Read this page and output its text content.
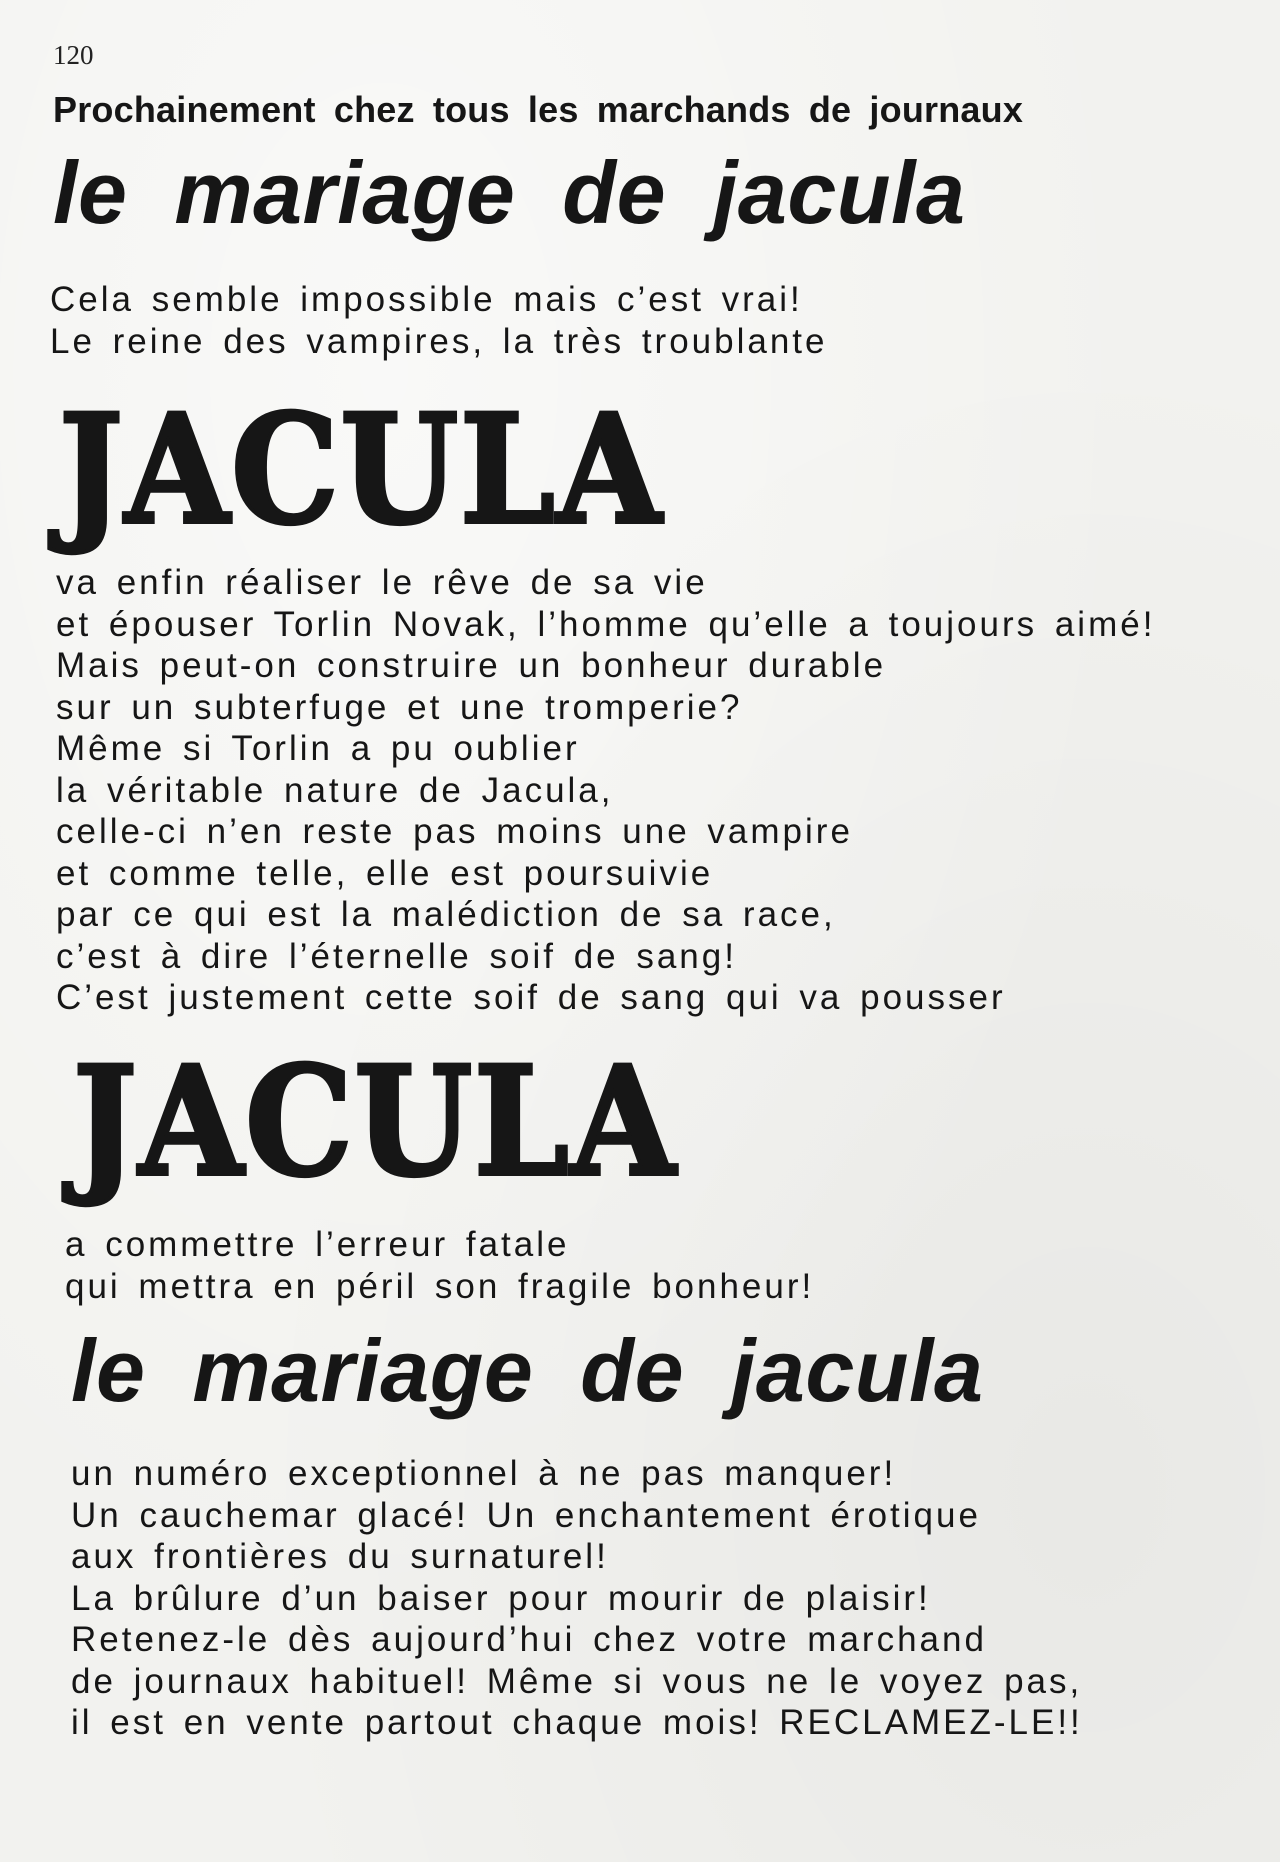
120
Prochainement chez tous les marchands de journaux
le mariage de jacula
Cela semble impossible mais c’est vrai!
Le reine des vampires, la très troublante
JACULA
va enfin réaliser le rêve de sa vie
et épouser Torlin Novak, l’homme qu’elle a toujours aimé!
Mais peut-on construire un bonheur durable
sur un subterfuge et une tromperie?
Même si Torlin a pu oublier
la véritable nature de Jacula,
celle-ci n’en reste pas moins une vampire
et comme telle, elle est poursuivie
par ce qui est la malédiction de sa race,
c’est à dire l’éternelle soif de sang!
C’est justement cette soif de sang qui va pousser
JACULA
a commettre l’erreur fatale
qui mettra en péril son fragile bonheur!
le mariage de jacula
un numéro exceptionnel à ne pas manquer!
Un cauchemar glacé! Un enchantement érotique
aux frontières du surnaturel!
La brûlure d’un baiser pour mourir de plaisir!
Retenez-le dès aujourd’hui chez votre marchand
de journaux habituel! Même si vous ne le voyez pas,
il est en vente partout chaque mois! RECLAMEZ-LE!!
